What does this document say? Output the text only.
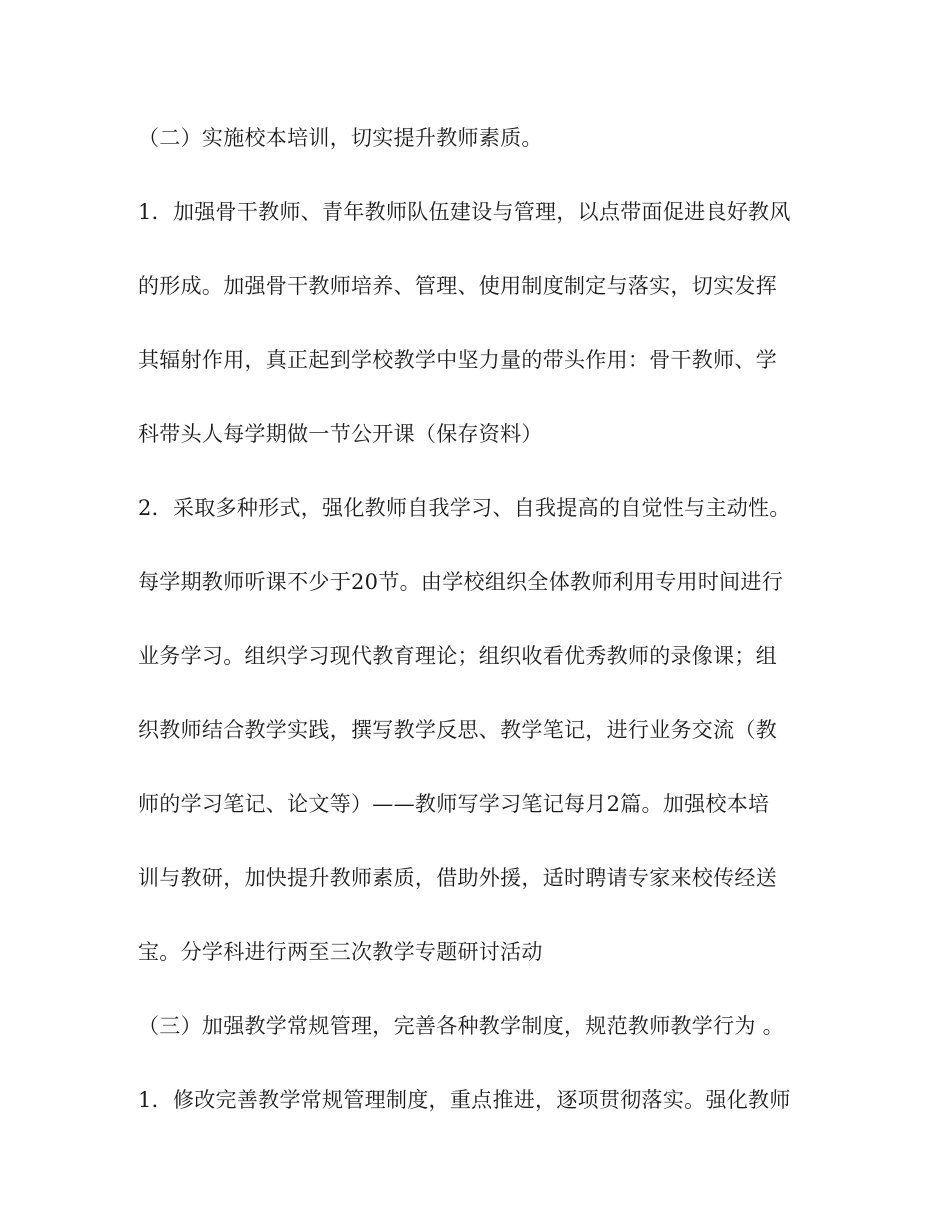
（二）实施校本培训，切实提升教师素质。
1．加强骨干教师、青年教师队伍建设与管理，以点带面促进良好教风
的形成。加强骨干教师培养、管理、使用制度制定与落实，切实发挥
其辐射作用，真正起到学校教学中坚力量的带头作用：骨干教师、学
科带头人每学期做一节公开课（保存资料）
2．采取多种形式，强化教师自我学习、自我提高的自觉性与主动性。
每学期教师听课不少于20节。由学校组织全体教师利用专用时间进行
业务学习。组织学习现代教育理论；组织收看优秀教师的录像课；组
织教师结合教学实践，撰写教学反思、教学笔记，进行业务交流（教
师的学习笔记、论文等）——教师写学习笔记每月2篇。加强校本培
训与教研，加快提升教师素质，借助外援，适时聘请专家来校传经送
宝。分学科进行两至三次教学专题研讨活动
（三）加强教学常规管理，完善各种教学制度，规范教师教学行为 。
1．修改完善教学常规管理制度，重点推进，逐项贯彻落实。强化教师
